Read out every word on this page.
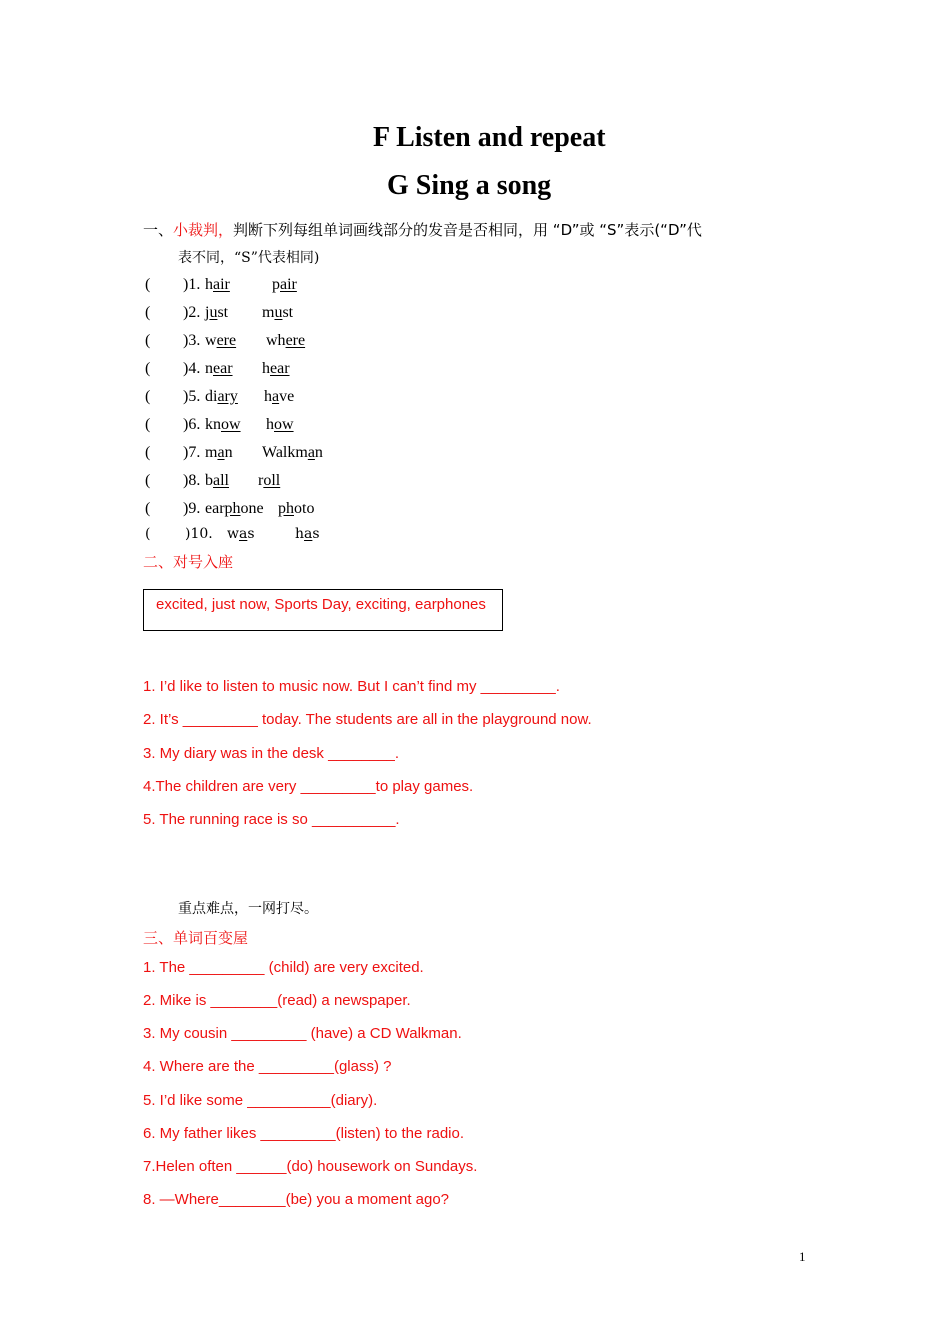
F Listen and repeat
G Sing a song
一、小裁判，判断下列每组单词画线部分的发音是否相同，用 “D”或 “S”表示(“D”代
表不同，“S”代表相同)
( )1. hair	pair
( )2. just must
( )3. were where
( )4. near hear
( )5. diary have
( )6. know how
( )7. man Walkman
( )8. ball roll
( )9. earphone photo
( )10. was	has
二、对号入座
excited, just now, Sports Day, exciting, earphones
1. I’d like to listen to music now. But I can’t find my _________.
2. It’s _________ today. The students are all in the playground now.
3. My diary was in the desk ________.
4.The children are very _________to play games.
5. The running race is so __________.
重点难点，一网打尽。
三、单词百变屋
1. The _________ (child) are very excited.
2. Mike is ________(read) a newspaper.
3. My cousin _________ (have) a CD Walkman.
4. Where are the _________(glass) ?
5. I’d like some __________(diary).
6. My father likes _________(listen) to the radio.
7.Helen often ______(do) housework on Sundays.
8. —Where________(be) you a moment ago?
1
